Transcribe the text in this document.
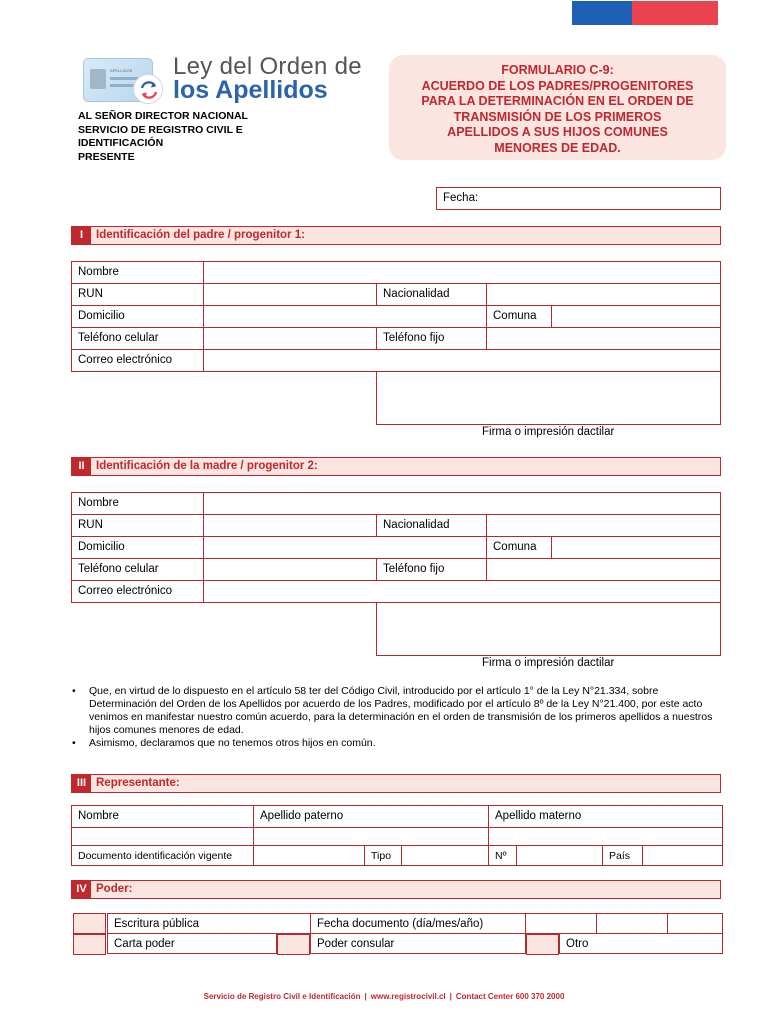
APELLIDOS	Ley del Orden de
los Apellidos
AL SEÑOR DIRECTOR NACIONAL
SERVICIO DE REGISTRO CIVIL E
IDENTIFICACIÓN
PRESENTE
FORMULARIO C-9:
ACUERDO DE LOS PADRES/PROGENITORES
PARA LA DETERMINACIÓN EN EL ORDEN DE
TRANSMISIÓN DE LOS PRIMEROS
APELLIDOS A SUS HIJOS COMUNES
MENORES DE EDAD.
Fecha:
I	Identificación del padre / progenitor 1:
Nombre
RUN	Nacionalidad
Domicilio	Comuna
Teléfono celular	Teléfono fijo
Correo electrónico
Firma o impresión dactilar
II Identificación de la madre / progenitor 2:
Nombre
RUN	Nacionalidad
Domicilio	Comuna
Teléfono celular	Teléfono fijo
Correo electrónico
Firma o impresión dactilar
• Que, en virtud de lo dispuesto en el artículo 58 ter del Código Civil, introducido por el artículo 1° de la Ley N°21.334, sobre Determinación del Orden de los Apellidos por acuerdo de los Padres, modificado por el artículo 8º de la Ley N°21.400, por este acto venimos en manifestar nuestro común acuerdo, para la determinación en el orden de transmisión de los primeros apellidos a nuestros hijos comunes menores de edad.
• Asimismo, declaramos que no tenemos otros hijos en común.
III Representante:
Nombre	Apellido paterno	Apellido materno
Documento identificación vigente	Tipo	Nº	País
IV Poder:
Escritura pública	Fecha documento (día/mes/año)
Carta poder	Poder consular	Otro
Servicio de Registro Civil e Identificación | www.registrocivil.cl | Contact Center 600 370 2000
